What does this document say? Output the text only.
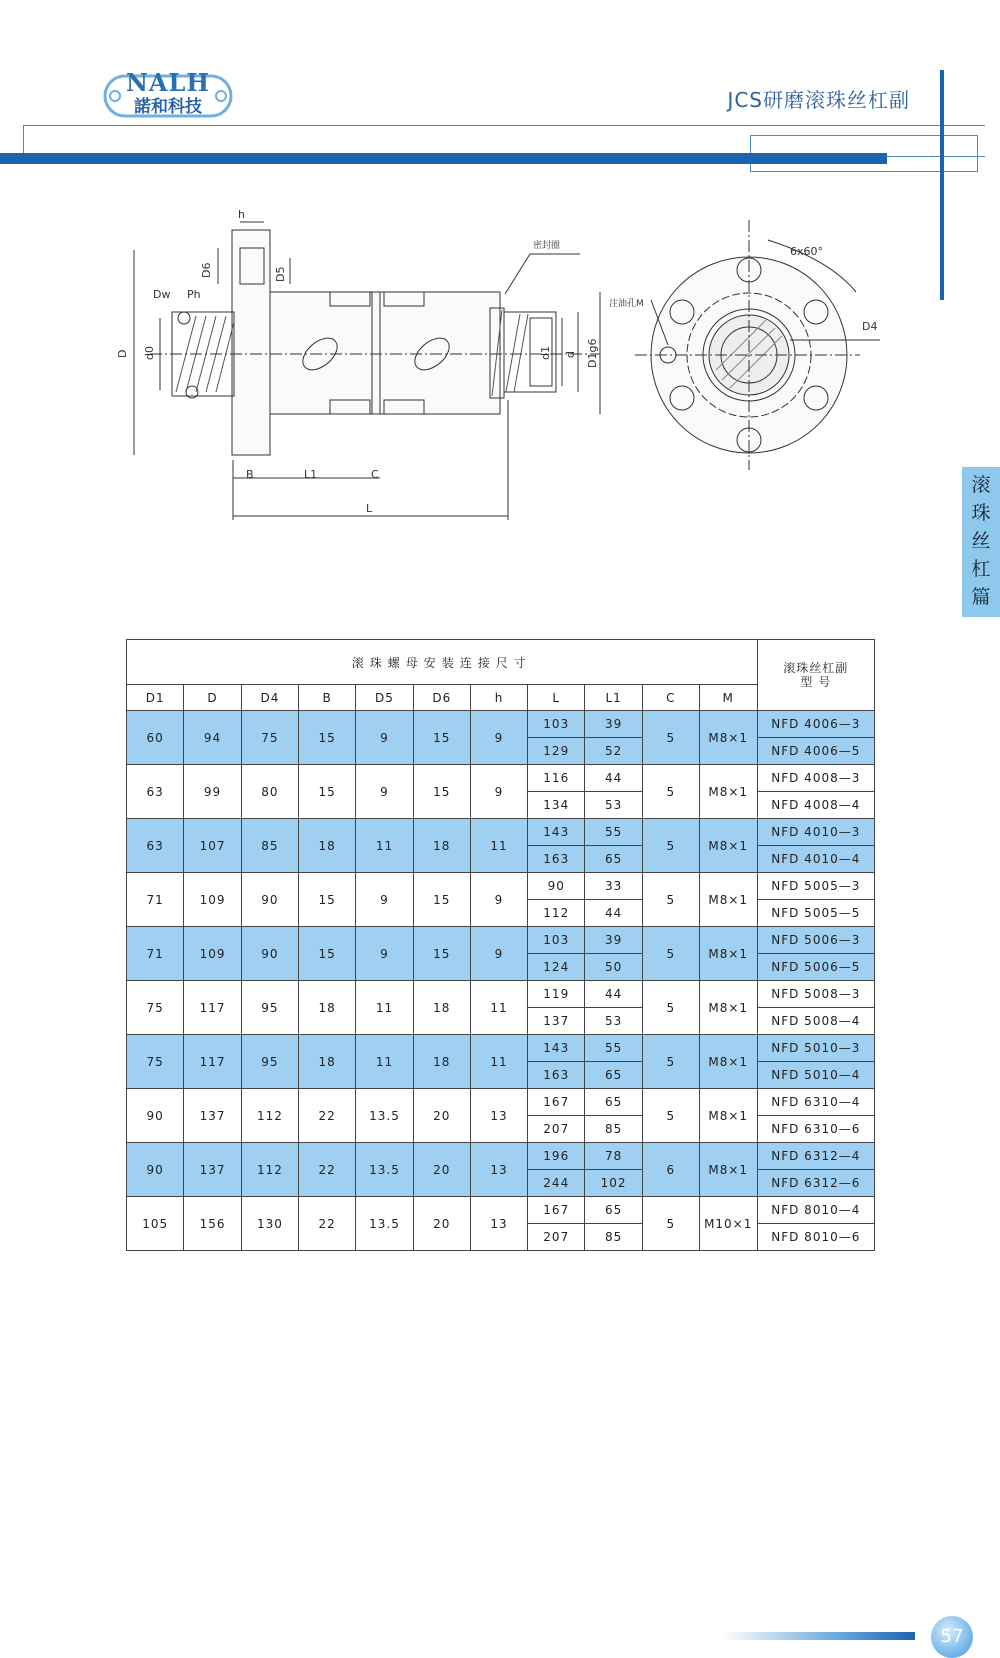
NALH
諾和科技	JCS研磨滚珠丝杠副
滚
珠
丝
杠
篇
h
D6	D5
Dw Ph
D d0
密封圈
d1 d D1g6
B	L1	C
L
6x60°
注油孔M
D4
滚珠螺母安装连接尺寸											滚珠丝杠副
型 号
D1	D	D4	B	D5	D6	h	L	L1	C	M	
60	94	75	15	9	15	9	103	39	5	M8×1	NFD 4006—3
							129	52			NFD 4006—5
63	99	80	15	9	15	9	116	44	5	M8×1	NFD 4008—3
							134	53			NFD 4008—4
63	107	85	18	11	18	11	143	55	5	M8×1	NFD 4010—3
							163	65			NFD 4010—4
71	109	90	15	9	15	9	90	33	5	M8×1	NFD 5005—3
							112	44			NFD 5005—5
71	109	90	15	9	15	9	103	39	5	M8×1	NFD 5006—3
							124	50			NFD 5006—5
75	117	95	18	11	18	11	119	44	5	M8×1	NFD 5008—3
							137	53			NFD 5008—4
75	117	95	18	11	18	11	143	55	5	M8×1	NFD 5010—3
							163	65			NFD 5010—4
90	137	112	22	13.5	20	13	167	65	5	M8×1	NFD 6310—4
							207	85			NFD 6310—6
90	137	112	22	13.5	20	13	196	78	6	M8×1	NFD 6312—4
							244	102			NFD 6312—6
105	156	130	22	13.5	20	13	167	65	5	M10×1	NFD 8010—4
							207	85			NFD 8010—6
57
